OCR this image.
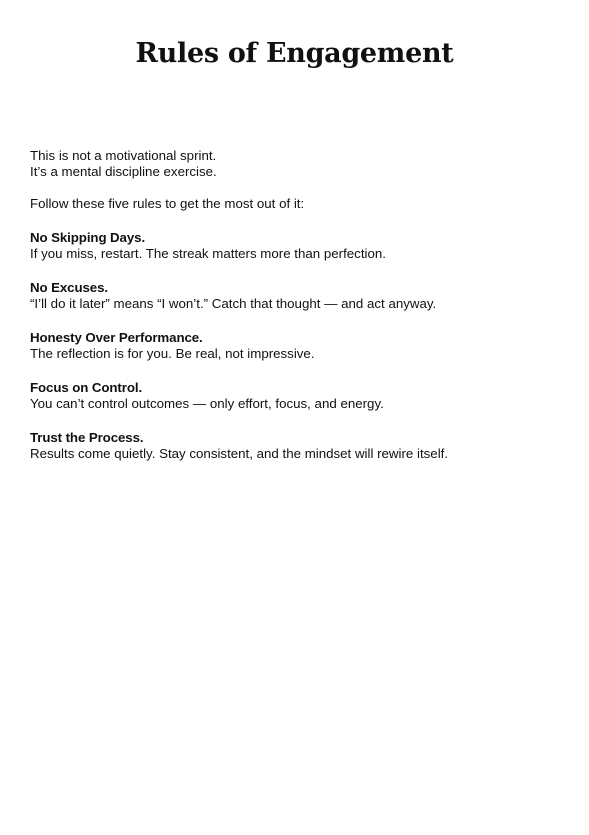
Rules of Engagement

This is not a motivational sprint.

It’s a mental discipline exercise.

Follow these five rules to get the most out of it:

No Skipping Days.
If you miss, restart. The streak matters more than perfection.
No Excuses.
“I’ll do it later” means “I won’t.” Catch that thought — and act anyway.
Honesty Over Performance.
The reflection is for you. Be real, not impressive.
Focus on Control.
You can’t control outcomes — only effort, focus, and energy.
Trust the Process.
Results come quietly. Stay consistent, and the mindset will rewire itself.
